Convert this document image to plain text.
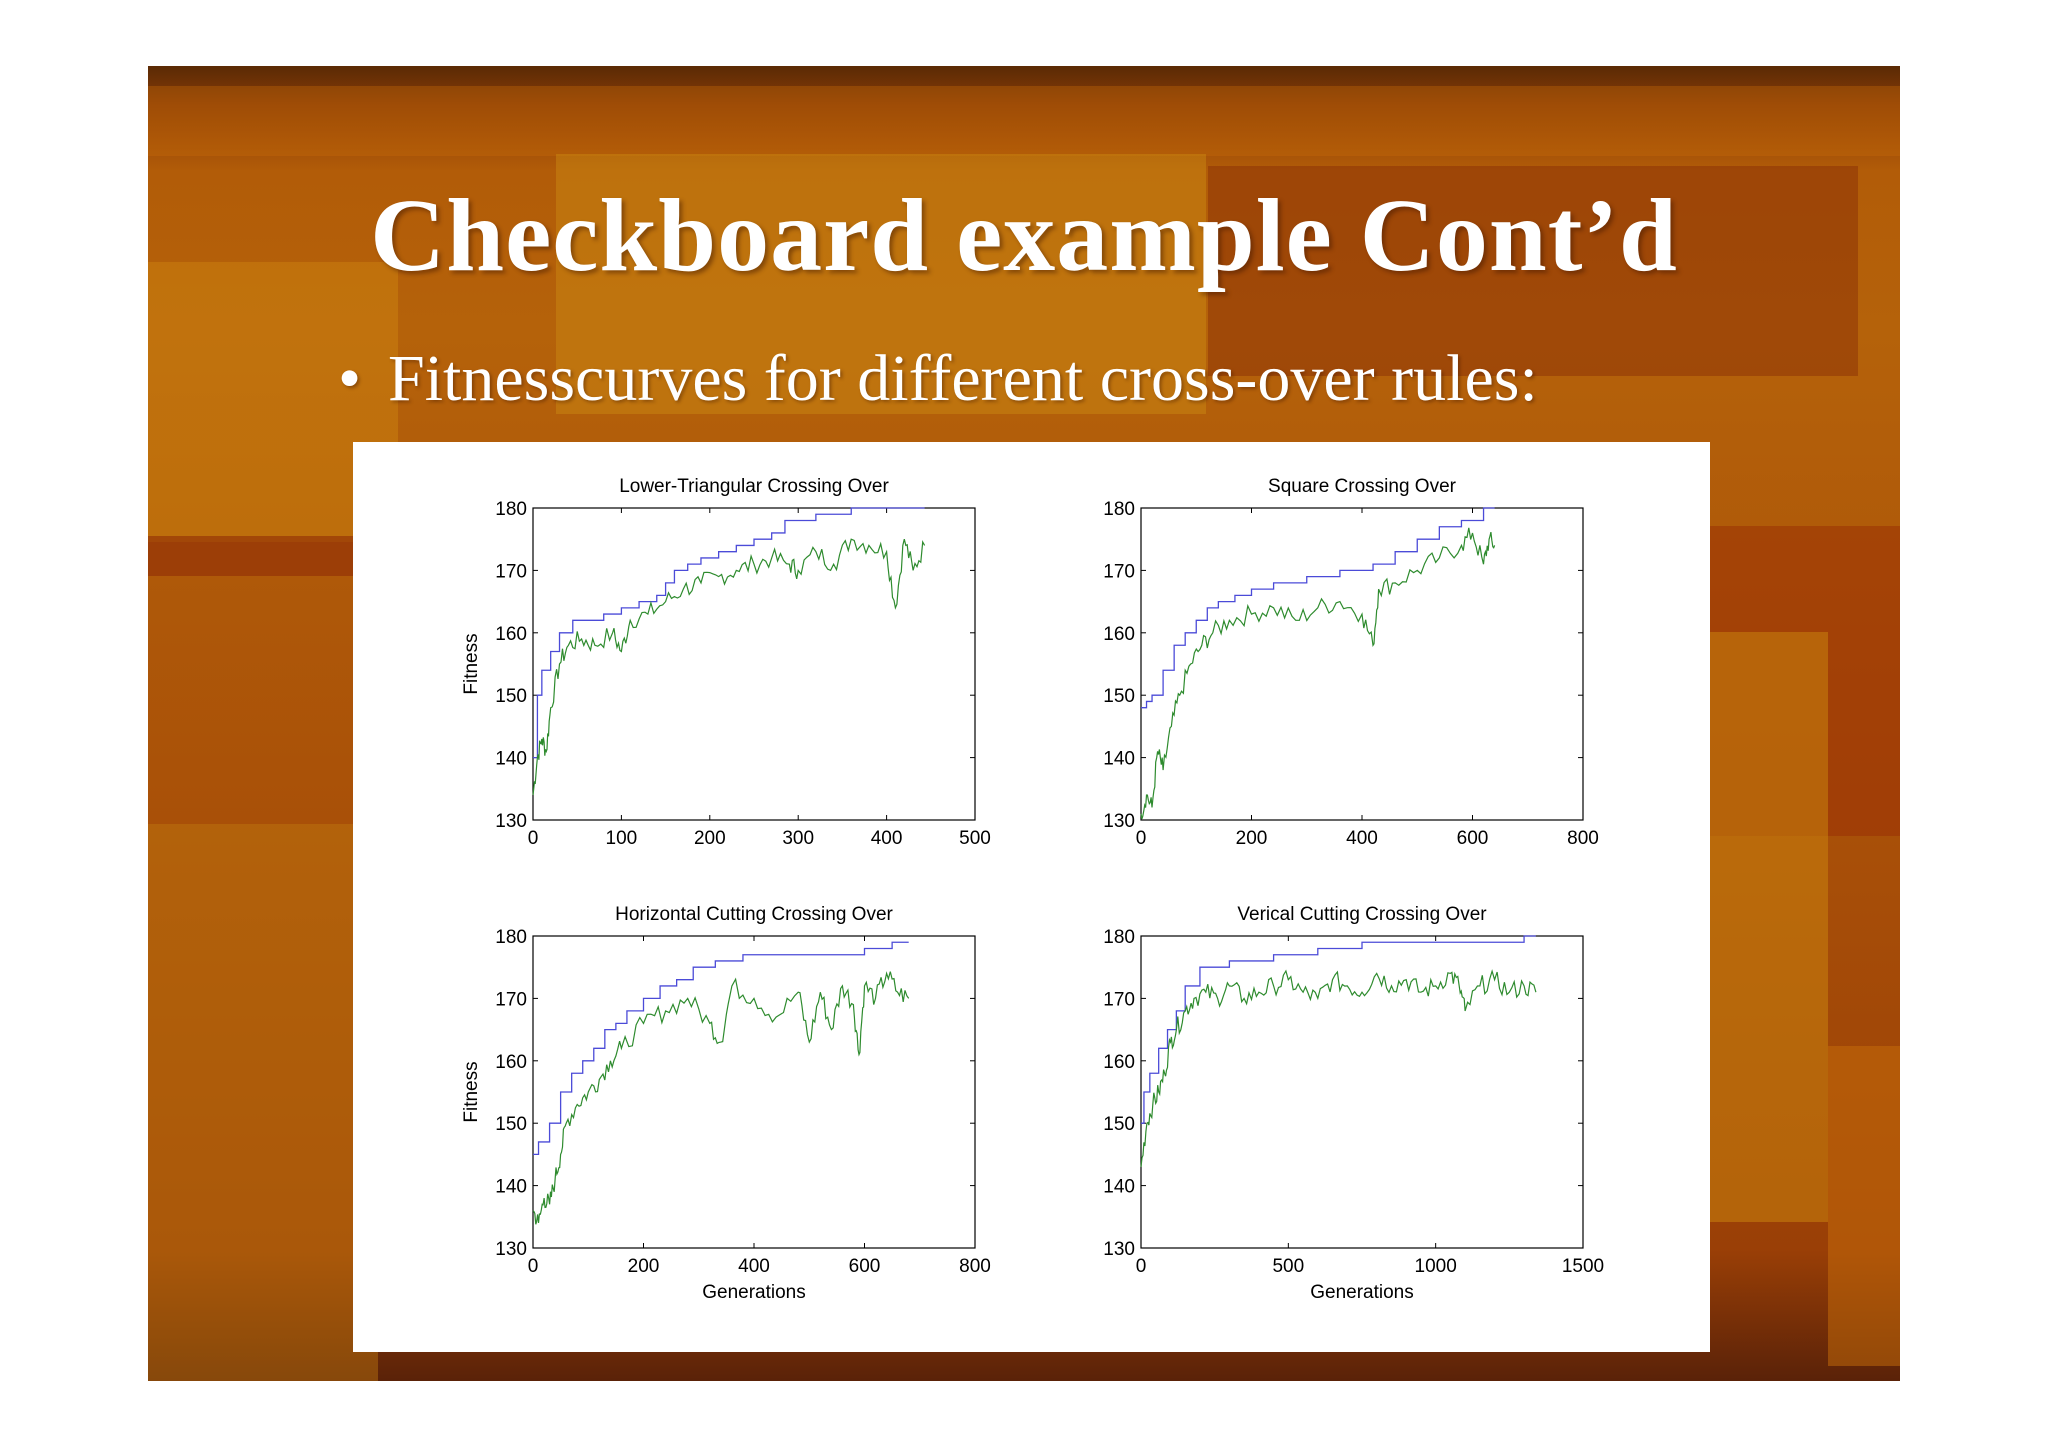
Checkboard example Cont’d
• Fitnesscurves for different cross-over rules:
130
140
150
160
170
180
0	100	200	300	400	500
Lower-Triangular Crossing Over
Fitness
130
140
150
160
170
180
0	200	400	600	800
Square Crossing Over
130
140
150
160
170
180
0	200	400	600	800
Horizontal Cutting Crossing Over
Fitness
Generations
130
140
150
160
170
180
0	500	1000	1500
Verical Cutting Crossing Over
Generations
